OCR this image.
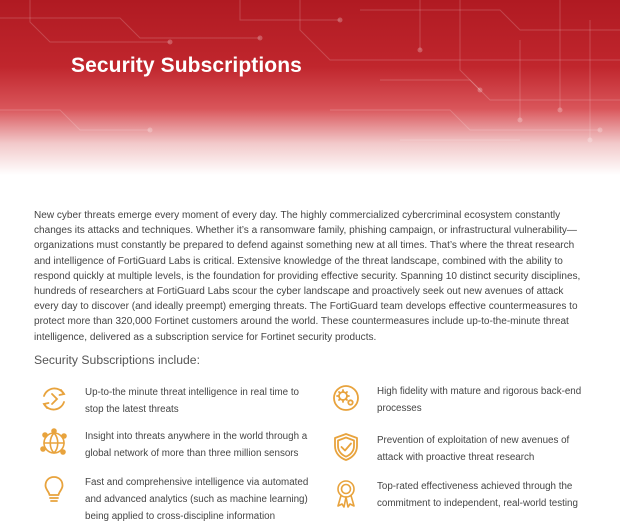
Security Subscriptions

New cyber threats emerge every moment of every day. The highly commercialized cybercriminal ecosystem constantly changes its attacks and techniques. Whether it’s a ransomware family, phishing campaign, or infrastructural vulnerability—organizations must constantly be prepared to defend against something new at all times. That’s where the threat research and intelligence of FortiGuard Labs is critical. Extensive knowledge of the threat landscape, combined with the ability to respond quickly at multiple levels, is the foundation for providing effective security. Spanning 10 distinct security disciplines, hundreds of researchers at FortiGuard Labs scour the cyber landscape and proactively seek out new avenues of attack every day to discover (and ideally preempt) emerging threats. The FortiGuard team develops effective countermeasures to protect more than 320,000 Fortinet customers around the world. These countermeasures include up-to-the-minute threat intelligence, delivered as a subscription service for Fortinet security products.

Security Subscriptions include:
Up-to-the minute threat intelligence in real time to stop the latest threats
High fidelity with mature and rigorous back-end processes
Insight into threats anywhere in the world through a global network of more than three million sensors
Prevention of exploitation of new avenues of attack with proactive threat research
Fast and comprehensive intelligence via automated and advanced analytics (such as machine learning) being applied to cross-discipline information
Top-rated effectiveness achieved through the commitment to independent, real-world testing
